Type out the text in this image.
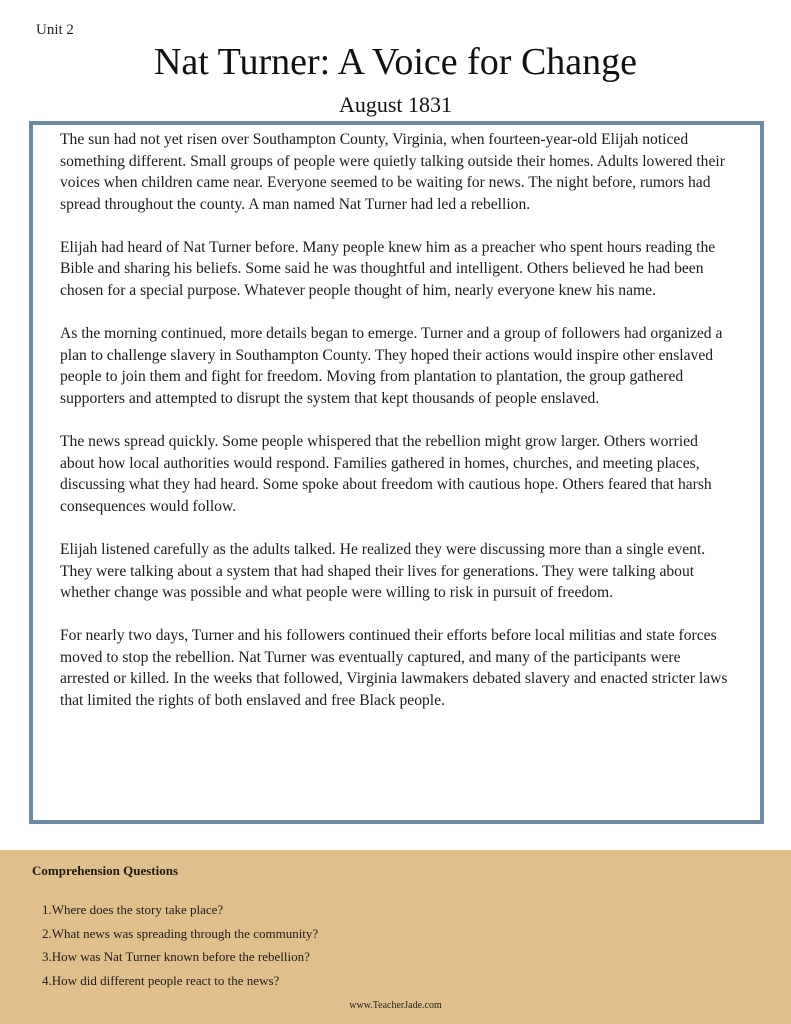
Unit 2
Nat Turner: A Voice for Change
August 1831

The sun had not yet risen over Southampton County, Virginia, when fourteen-year-old Elijah noticed something different. Small groups of people were quietly talking outside their homes. Adults lowered their voices when children came near. Everyone seemed to be waiting for news. The night before, rumors had spread throughout the county. A man named Nat Turner had led a rebellion.

Elijah had heard of Nat Turner before. Many people knew him as a preacher who spent hours reading the Bible and sharing his beliefs. Some said he was thoughtful and intelligent. Others believed he had been chosen for a special purpose. Whatever people thought of him, nearly everyone knew his name.

As the morning continued, more details began to emerge. Turner and a group of followers had organized a plan to challenge slavery in Southampton County. They hoped their actions would inspire other enslaved people to join them and fight for freedom. Moving from plantation to plantation, the group gathered supporters and attempted to disrupt the system that kept thousands of people enslaved.

The news spread quickly. Some people whispered that the rebellion might grow larger. Others worried about how local authorities would respond. Families gathered in homes, churches, and meeting places, discussing what they had heard. Some spoke about freedom with cautious hope. Others feared that harsh consequences would follow.

Elijah listened carefully as the adults talked. He realized they were discussing more than a single event. They were talking about a system that had shaped their lives for generations. They were talking about whether change was possible and what people were willing to risk in pursuit of freedom.

For nearly two days, Turner and his followers continued their efforts before local militias and state forces moved to stop the rebellion. Nat Turner was eventually captured, and many of the participants were arrested or killed. In the weeks that followed, Virginia lawmakers debated slavery and enacted stricter laws that limited the rights of both enslaved and free Black people.

Comprehension Questions
1.Where does the story take place?
2.What news was spreading through the community?
3.How was Nat Turner known before the rebellion?
4.How did different people react to the news?
www.TeacherJade.com
